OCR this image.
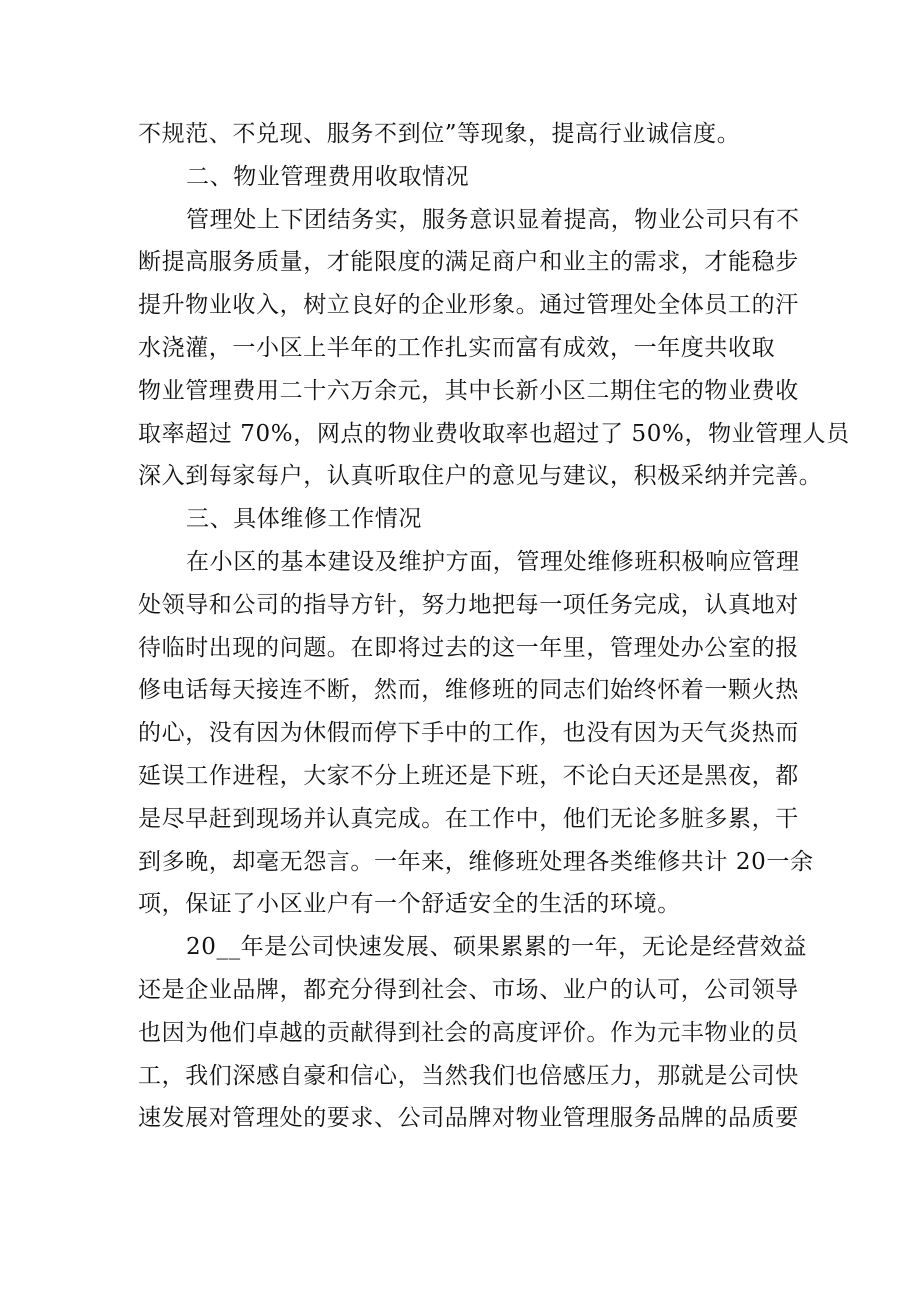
不规范、不兑现、服务不到位”等现象，提高行业诚信度。
二、物业管理费用收取情况
管理处上下团结务实，服务意识显着提高，物业公司只有不
断提高服务质量，才能限度的满足商户和业主的需求，才能稳步
提升物业收入，树立良好的企业形象。通过管理处全体员工的汗
水浇灌，一小区上半年的工作扎实而富有成效，一年度共收取
物业管理费用二十六万余元，其中长新小区二期住宅的物业费收
取率超过 70%，网点的物业费收取率也超过了 50%，物业管理人员
深入到每家每户，认真听取住户的意见与建议，积极采纳并完善。
三、具体维修工作情况
在小区的基本建设及维护方面，管理处维修班积极响应管理
处领导和公司的指导方针，努力地把每一项任务完成，认真地对
待临时出现的问题。在即将过去的这一年里，管理处办公室的报
修电话每天接连不断，然而，维修班的同志们始终怀着一颗火热
的心，没有因为休假而停下手中的工作，也没有因为天气炎热而
延误工作进程，大家不分上班还是下班，不论白天还是黑夜，都
是尽早赶到现场并认真完成。在工作中，他们无论多脏多累，干
到多晚，却毫无怨言。一年来，维修班处理各类维修共计 20一余
项，保证了小区业户有一个舒适安全的生活的环境。
20__年是公司快速发展、硕果累累的一年，无论是经营效益
还是企业品牌，都充分得到社会、市场、业户的认可，公司领导
也因为他们卓越的贡献得到社会的高度评价。作为元丰物业的员
工，我们深感自豪和信心，当然我们也倍感压力，那就是公司快
速发展对管理处的要求、公司品牌对物业管理服务品牌的品质要
